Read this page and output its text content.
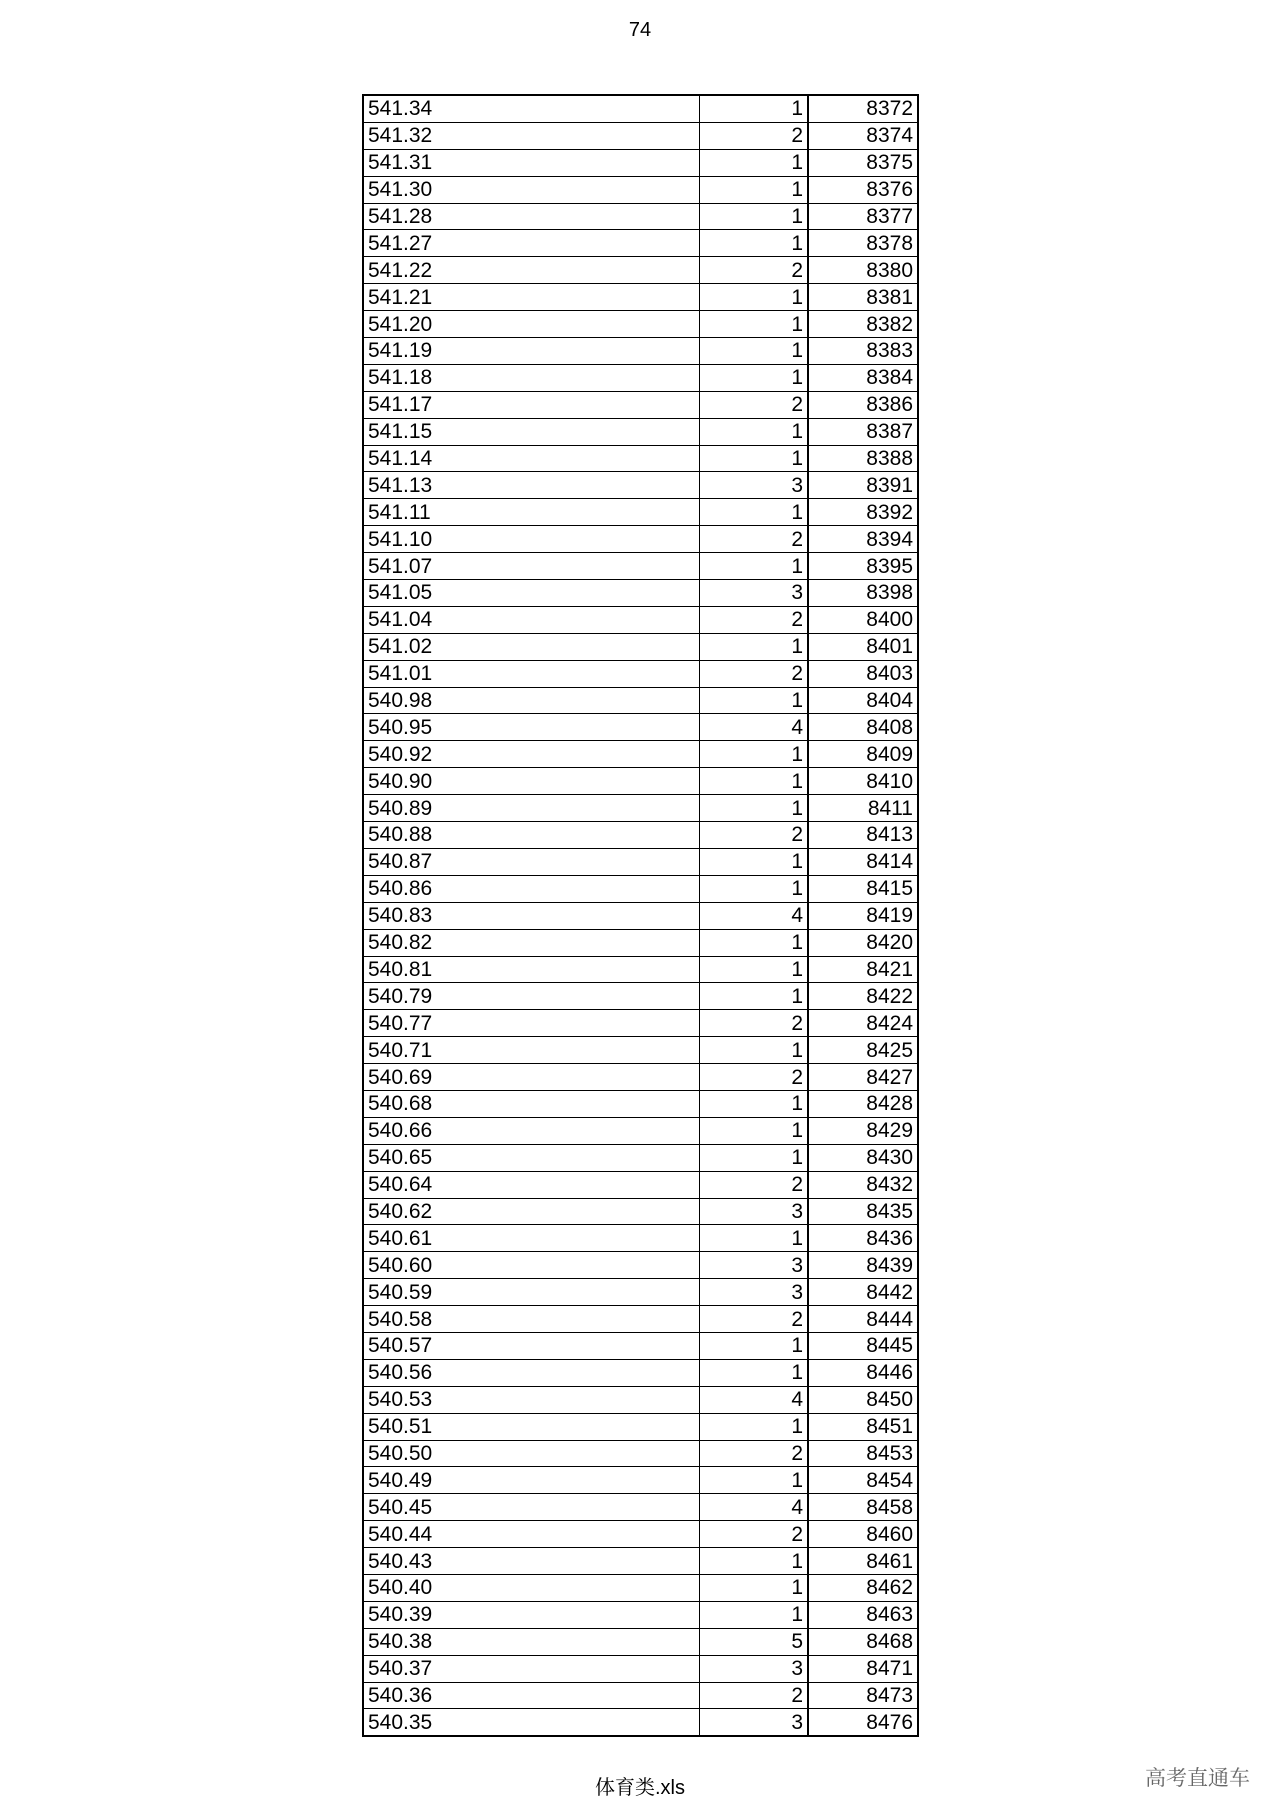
74
541.34	1	8372
541.32	2	8374
541.31	1	8375
541.30	1	8376
541.28	1	8377
541.27	1	8378
541.22	2	8380
541.21	1	8381
541.20	1	8382
541.19	1	8383
541.18	1	8384
541.17	2	8386
541.15	1	8387
541.14	1	8388
541.13	3	8391
541.11	1	8392
541.10	2	8394
541.07	1	8395
541.05	3	8398
541.04	2	8400
541.02	1	8401
541.01	2	8403
540.98	1	8404
540.95	4	8408
540.92	1	8409
540.90	1	8410
540.89	1	8411
540.88	2	8413
540.87	1	8414
540.86	1	8415
540.83	4	8419
540.82	1	8420
540.81	1	8421
540.79	1	8422
540.77	2	8424
540.71	1	8425
540.69	2	8427
540.68	1	8428
540.66	1	8429
540.65	1	8430
540.64	2	8432
540.62	3	8435
540.61	1	8436
540.60	3	8439
540.59	3	8442
540.58	2	8444
540.57	1	8445
540.56	1	8446
540.53	4	8450
540.51	1	8451
540.50	2	8453
540.49	1	8454
540.45	4	8458
540.44	2	8460
540.43	1	8461
540.40	1	8462
540.39	1	8463
540.38	5	8468
540.37	3	8471
540.36	2	8473
540.35	3	8476
体育类.xls	高考直通车
